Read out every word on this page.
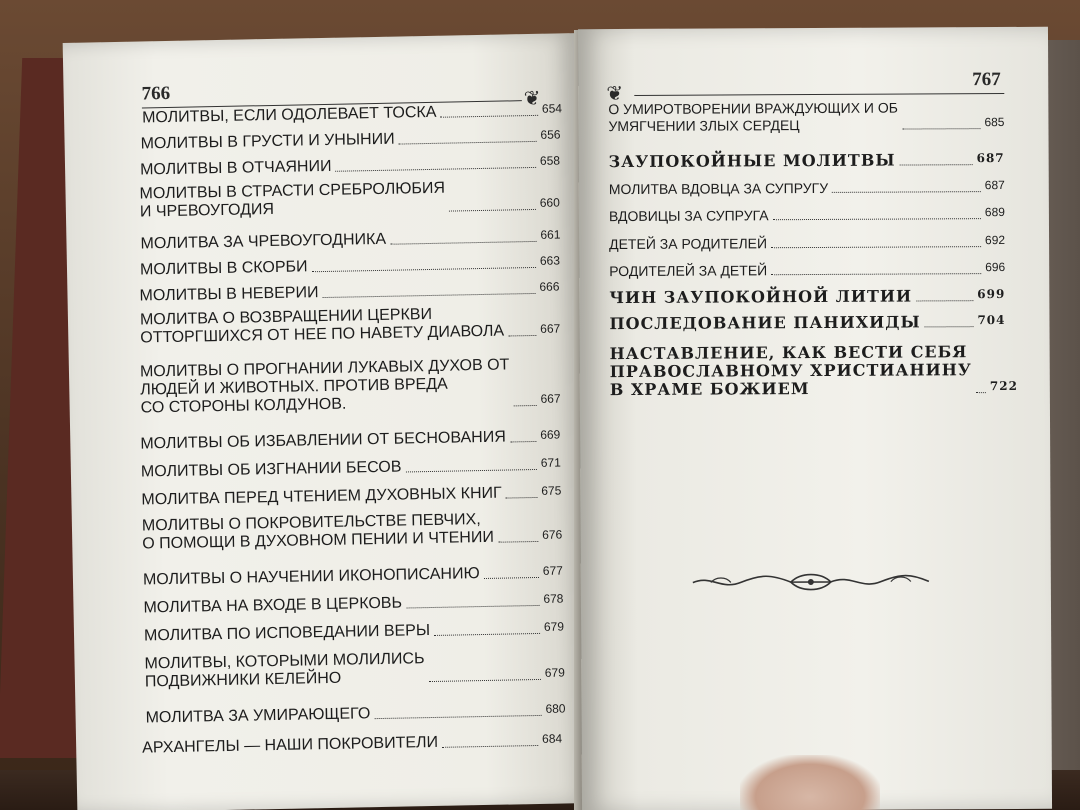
766	❦
МОЛИТВЫ, ЕСЛИ ОДОЛЕВАЕТ ТОСКА	654
МОЛИТВЫ В ГРУСТИ И УНЫНИИ	656
МОЛИТВЫ В ОТЧАЯНИИ	658
МОЛИТВЫ В СТРАСТИ СРЕБРОЛЮБИЯ
И ЧРЕВОУГОДИЯ	660
МОЛИТВА ЗА ЧРЕВОУГОДНИКА	661
МОЛИТВЫ В СКОРБИ	663
МОЛИТВЫ В НЕВЕРИИ	666
МОЛИТВА О ВОЗВРАЩЕНИИ ЦЕРКВИ
ОТТОРГШИХСЯ ОТ НЕЕ ПО НАВЕТУ ДИАВОЛА	667
МОЛИТВЫ О ПРОГНАНИИ ЛУКАВЫХ ДУХОВ ОТ
ЛЮДЕЙ И ЖИВОТНЫХ. ПРОТИВ ВРЕДА
СО СТОРОНЫ КОЛДУНОВ.	667
МОЛИТВЫ ОБ ИЗБАВЛЕНИИ ОТ БЕСНОВАНИЯ	669
МОЛИТВЫ ОБ ИЗГНАНИИ БЕСОВ	671
МОЛИТВА ПЕРЕД ЧТЕНИЕМ ДУХОВНЫХ КНИГ	675
МОЛИТВЫ О ПОКРОВИТЕЛЬСТВЕ ПЕВЧИХ,
О ПОМОЩИ В ДУХОВНОМ ПЕНИИ И ЧТЕНИИ	676
МОЛИТВЫ О НАУЧЕНИИ ИКОНОПИСАНИЮ	677
МОЛИТВА НА ВХОДЕ В ЦЕРКОВЬ	678
МОЛИТВА ПО ИСПОВЕДАНИИ ВЕРЫ	679
МОЛИТВЫ, КОТОРЫМИ МОЛИЛИСЬ
ПОДВИЖНИКИ КЕЛЕЙНО	679
МОЛИТВА ЗА УМИРАЮЩЕГО	680
АРХАНГЕЛЫ — НАШИ ПОКРОВИТЕЛИ	684
767
❦
О УМИРОТВОРЕНИИ ВРАЖДУЮЩИХ И ОБ
УМЯГЧЕНИИ ЗЛЫХ СЕРДЕЦ	685
ЗАУПОКОЙНЫЕ МОЛИТВЫ	687
МОЛИТВА ВДОВЦА ЗА СУПРУГУ	687
ВДОВИЦЫ ЗА СУПРУГА	689
ДЕТЕЙ ЗА РОДИТЕЛЕЙ	692
РОДИТЕЛЕЙ ЗА ДЕТЕЙ	696
ЧИН ЗАУПОКОЙНОЙ ЛИТИИ	699
ПОСЛЕДОВАНИЕ ПАНИХИДЫ	704
НАСТАВЛЕНИЕ, КАК ВЕСТИ СЕБЯ
ПРАВОСЛАВНОМУ ХРИСТИАНИНУ
В ХРАМЕ БОЖИЕМ	722
